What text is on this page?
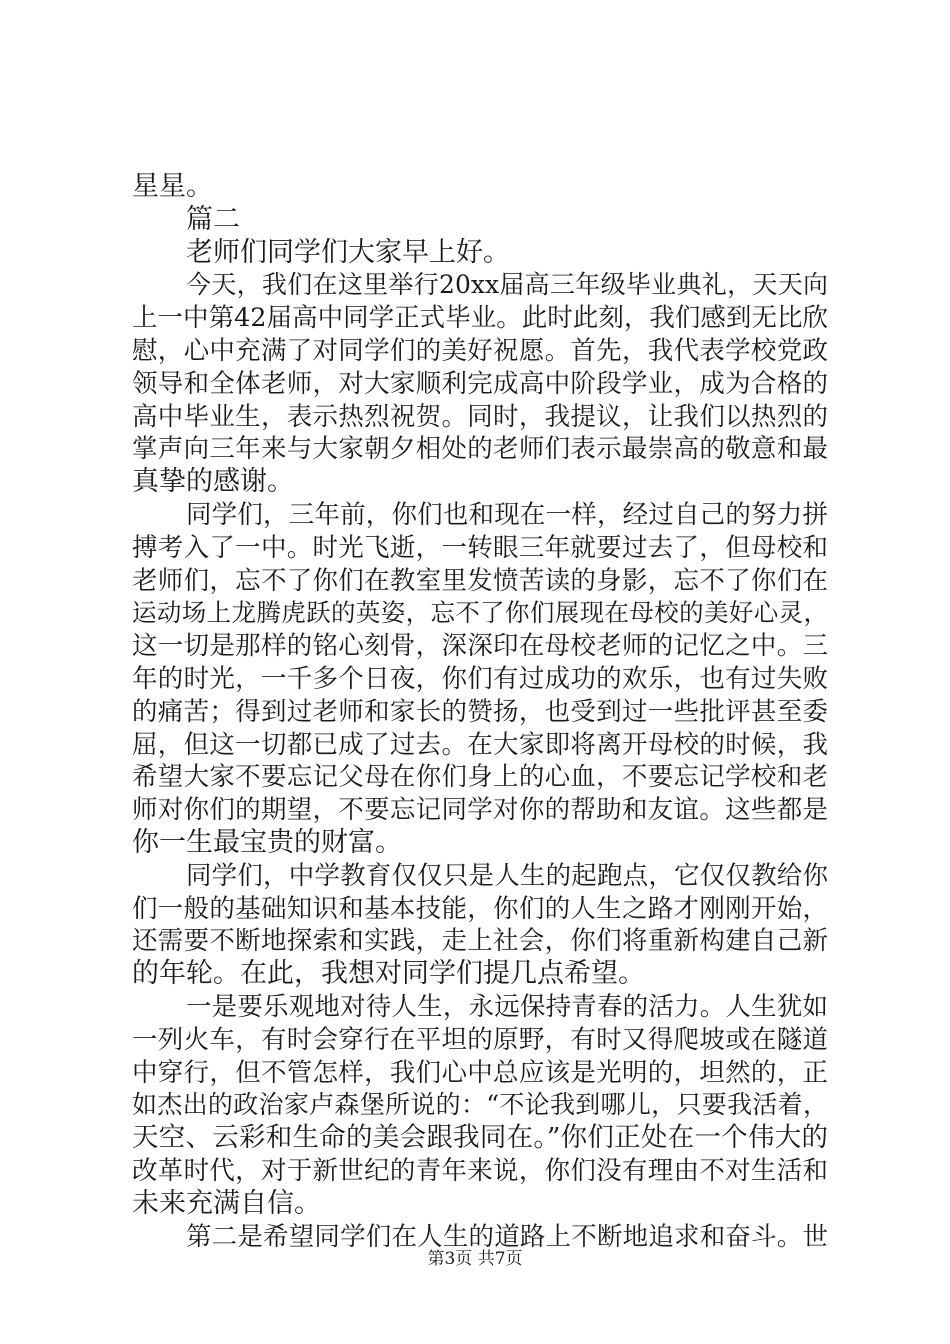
星星。
篇二
老师们同学们大家早上好。
今天，我们在这里举行20xx届高三年级毕业典礼，天天向
上一中第42届高中同学正式毕业。此时此刻，我们感到无比欣
慰，心中充满了对同学们的美好祝愿。首先，我代表学校党政
领导和全体老师，对大家顺利完成高中阶段学业，成为合格的
高中毕业生，表示热烈祝贺。同时，我提议，让我们以热烈的
掌声向三年来与大家朝夕相处的老师们表示最崇高的敬意和最
真挚的感谢。
同学们，三年前，你们也和现在一样，经过自己的努力拼
搏考入了一中。时光飞逝，一转眼三年就要过去了，但母校和
老师们，忘不了你们在教室里发愤苦读的身影，忘不了你们在
运动场上龙腾虎跃的英姿，忘不了你们展现在母校的美好心灵，
这一切是那样的铭心刻骨，深深印在母校老师的记忆之中。三
年的时光，一千多个日夜，你们有过成功的欢乐，也有过失败
的痛苦；得到过老师和家长的赞扬，也受到过一些批评甚至委
屈，但这一切都已成了过去。在大家即将离开母校的时候，我
希望大家不要忘记父母在你们身上的心血，不要忘记学校和老
师对你们的期望，不要忘记同学对你的帮助和友谊。这些都是
你一生最宝贵的财富。
同学们，中学教育仅仅只是人生的起跑点，它仅仅教给你
们一般的基础知识和基本技能，你们的人生之路才刚刚开始，
还需要不断地探索和实践，走上社会，你们将重新构建自己新
的年轮。在此，我想对同学们提几点希望。
一是要乐观地对待人生，永远保持青春的活力。人生犹如
一列火车，有时会穿行在平坦的原野，有时又得爬坡或在隧道
中穿行，但不管怎样，我们心中总应该是光明的，坦然的，正
如杰出的政治家卢森堡所说的：“不论我到哪儿，只要我活着，
天空、云彩和生命的美会跟我同在。”你们正处在一个伟大的
改革时代，对于新世纪的青年来说，你们没有理由不对生活和
未来充满自信。
第二是希望同学们在人生的道路上不断地追求和奋斗。世
第3页 共7页
